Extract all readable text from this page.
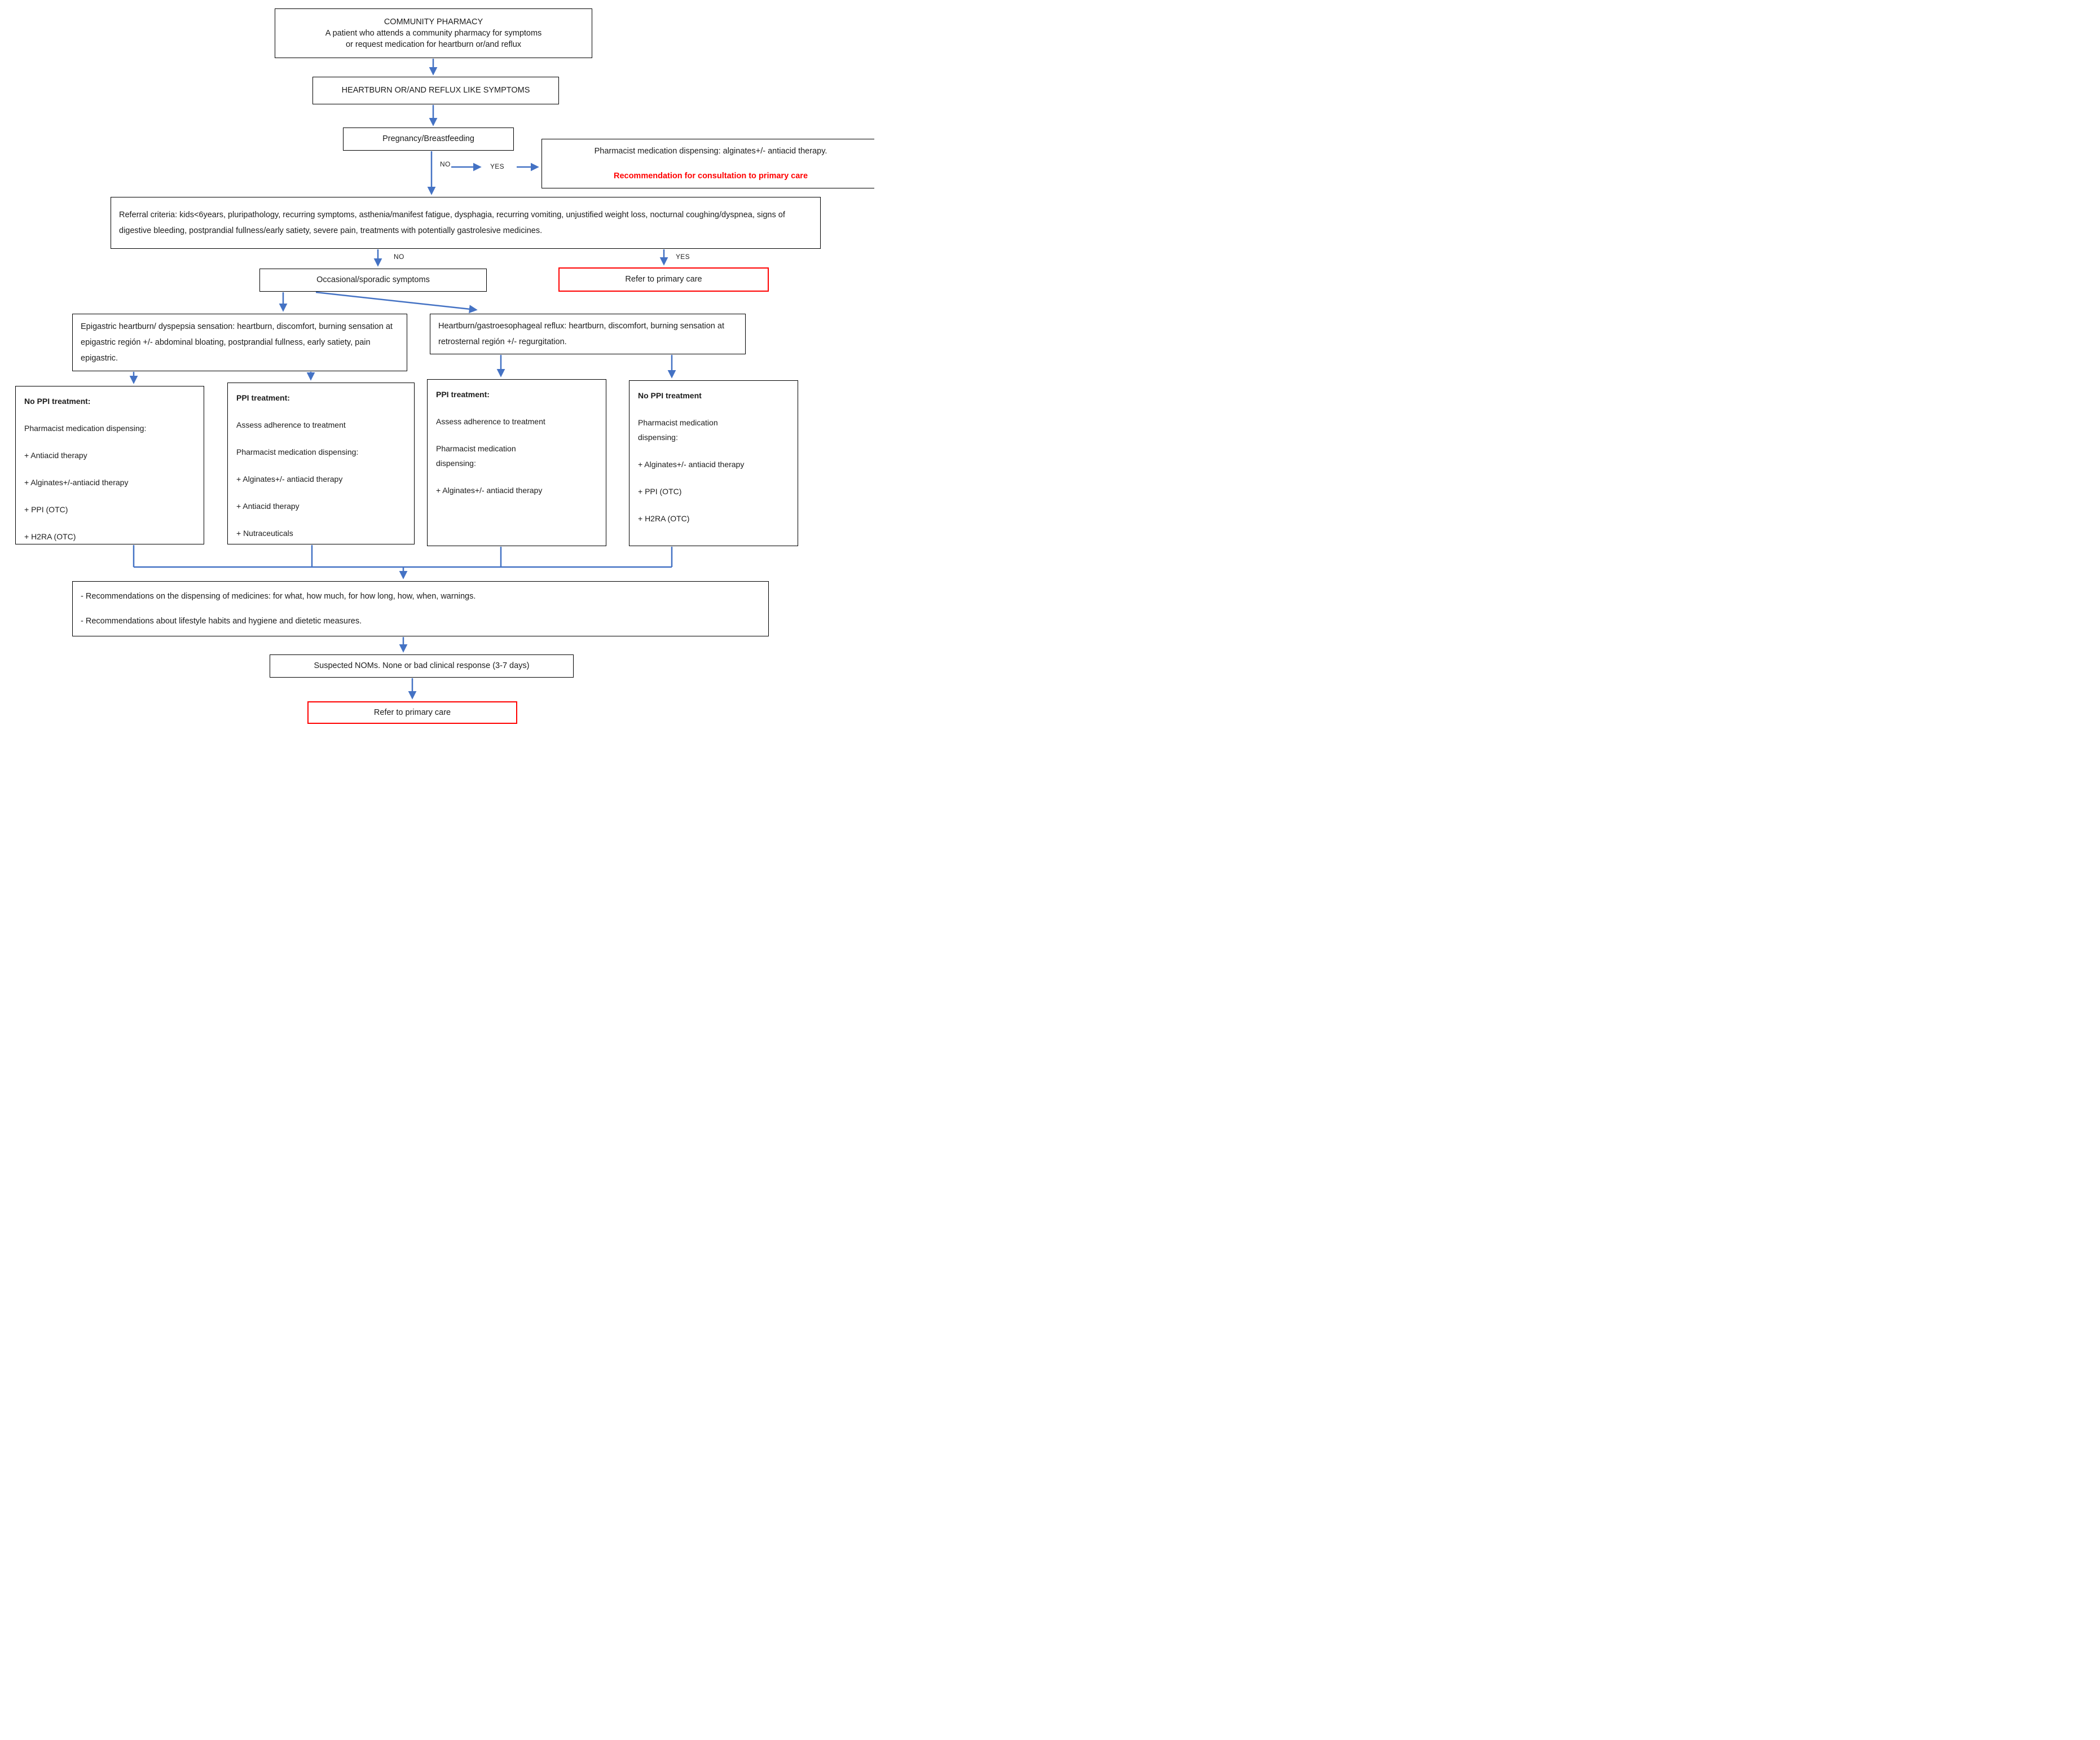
NO	YES
NO	YES
COMMUNITY PHARMACY
A patient who attends a community pharmacy for symptoms
or request medication for heartburn or/and reflux
HEARTBURN OR/AND REFLUX LIKE SYMPTOMS
Pregnancy/Breastfeeding
Pharmacist medication dispensing: alginates+/- antiacid therapy.
Recommendation for consultation to primary care
Referral criteria: kids<6years, pluripathology, recurring symptoms, asthenia/manifest fatigue, dysphagia, recurring vomiting, unjustified weight loss, nocturnal coughing/dyspnea, signs of digestive bleeding, postprandial fullness/early satiety, severe pain, treatments with potentially gastrolesive medicines.
Occasional/sporadic symptoms	Refer to primary care
Epigastric heartburn/ dyspepsia sensation: heartburn, discomfort, burning sensation at epigastric región +/- abdominal bloating, postprandial fullness, early satiety, pain epigastric.
Heartburn/gastroesophageal reflux: heartburn, discomfort, burning sensation at retrosternal región +/- regurgitation.
No PPI treatment:
Pharmacist medication dispensing:
+ Antiacid therapy
+ Alginates+/-antiacid therapy
+ PPI (OTC)
+ H2RA (OTC)
PPI treatment:
Assess adherence to treatment
Pharmacist medication dispensing:
+ Alginates+/- antiacid therapy
+ Antiacid therapy
+ Nutraceuticals
PPI treatment:
Assess adherence to treatment
Pharmacist medication dispensing:
+ Alginates+/- antiacid therapy
No PPI treatment
Pharmacist medication dispensing:
+ Alginates+/- antiacid therapy
+ PPI (OTC)
+ H2RA (OTC)
- Recommendations on the dispensing of medicines: for what, how much, for how long, how, when, warnings.
- Recommendations about lifestyle habits and hygiene and dietetic measures.
Suspected NOMs. None or bad clinical response (3-7 days)
Refer to primary care
